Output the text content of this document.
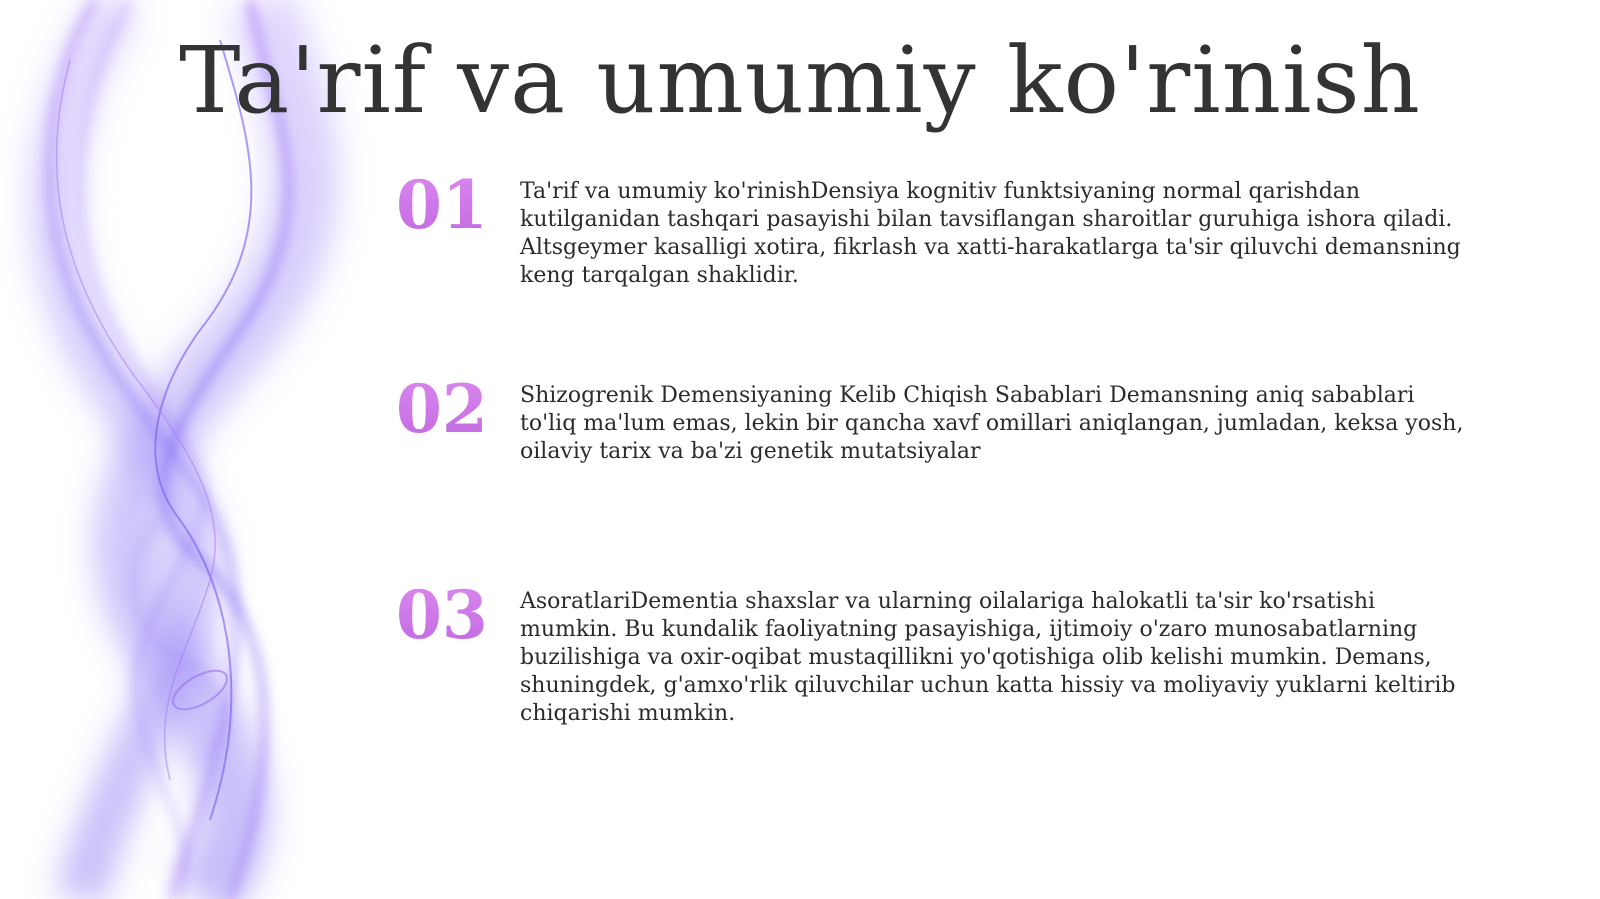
Ta'rif va umumiy ko'rinish
01	Ta'rif va umumiy ko'rinishDensiya kognitiv funktsiyaning normal qarishdan kutilganidan tashqari pasayishi bilan tavsiflangan sharoitlar guruhiga ishora qiladi. Altsgeymer kasalligi xotira, fikrlash va xatti-harakatlarga ta'sir qiluvchi demansning keng tarqalgan shaklidir.

02	Shizogrenik Demensiyaning Kelib Chiqish Sabablari Demansning aniq sabablari to'liq ma'lum emas, lekin bir qancha xavf omillari aniqlangan, jumladan, keksa yosh, oilaviy tarix va ba'zi genetik mutatsiyalar

03	AsoratlariDementia shaxslar va ularning oilalariga halokatli ta'sir ko'rsatishi mumkin. Bu kundalik faoliyatning pasayishiga, ijtimoiy o'zaro munosabatlarning buzilishiga va oxir-oqibat mustaqillikni yo'qotishiga olib kelishi mumkin. Demans, shuningdek, g'amxo'rlik qiluvchilar uchun katta hissiy va moliyaviy yuklarni keltirib chiqarishi mumkin.
